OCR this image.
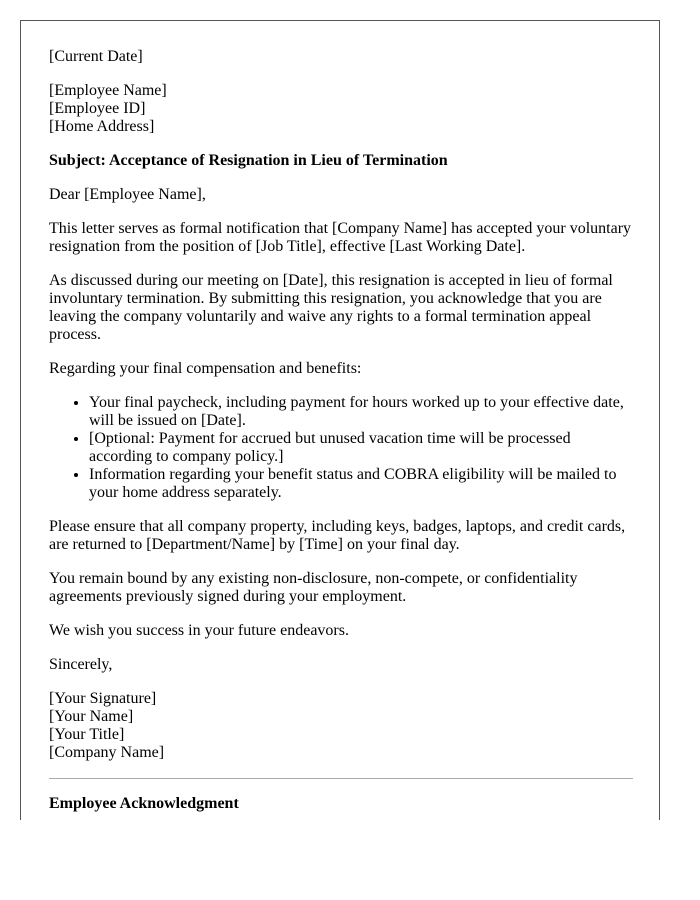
[Current Date]

[Employee Name]
[Employee ID]
[Home Address]

Subject: Acceptance of Resignation in Lieu of Termination

Dear [Employee Name],

This letter serves as formal notification that [Company Name] has accepted your voluntary resignation from the position of [Job Title], effective [Last Working Date].

As discussed during our meeting on [Date], this resignation is accepted in lieu of formal involuntary termination. By submitting this resignation, you acknowledge that you are leaving the company voluntarily and waive any rights to a formal termination appeal process.

Regarding your final compensation and benefits:

• Your final paycheck, including payment for hours worked up to your effective date, will be issued on [Date].
• [Optional: Payment for accrued but unused vacation time will be processed according to company policy.]
• Information regarding your benefit status and COBRA eligibility will be mailed to your home address separately.

Please ensure that all company property, including keys, badges, laptops, and credit cards, are returned to [Department/Name] by [Time] on your final day.

You remain bound by any existing non-disclosure, non-compete, or confidentiality agreements previously signed during your employment.

We wish you success in your future endeavors.

Sincerely,

[Your Signature]
[Your Name]
[Your Title]
[Company Name]

Employee Acknowledgment
